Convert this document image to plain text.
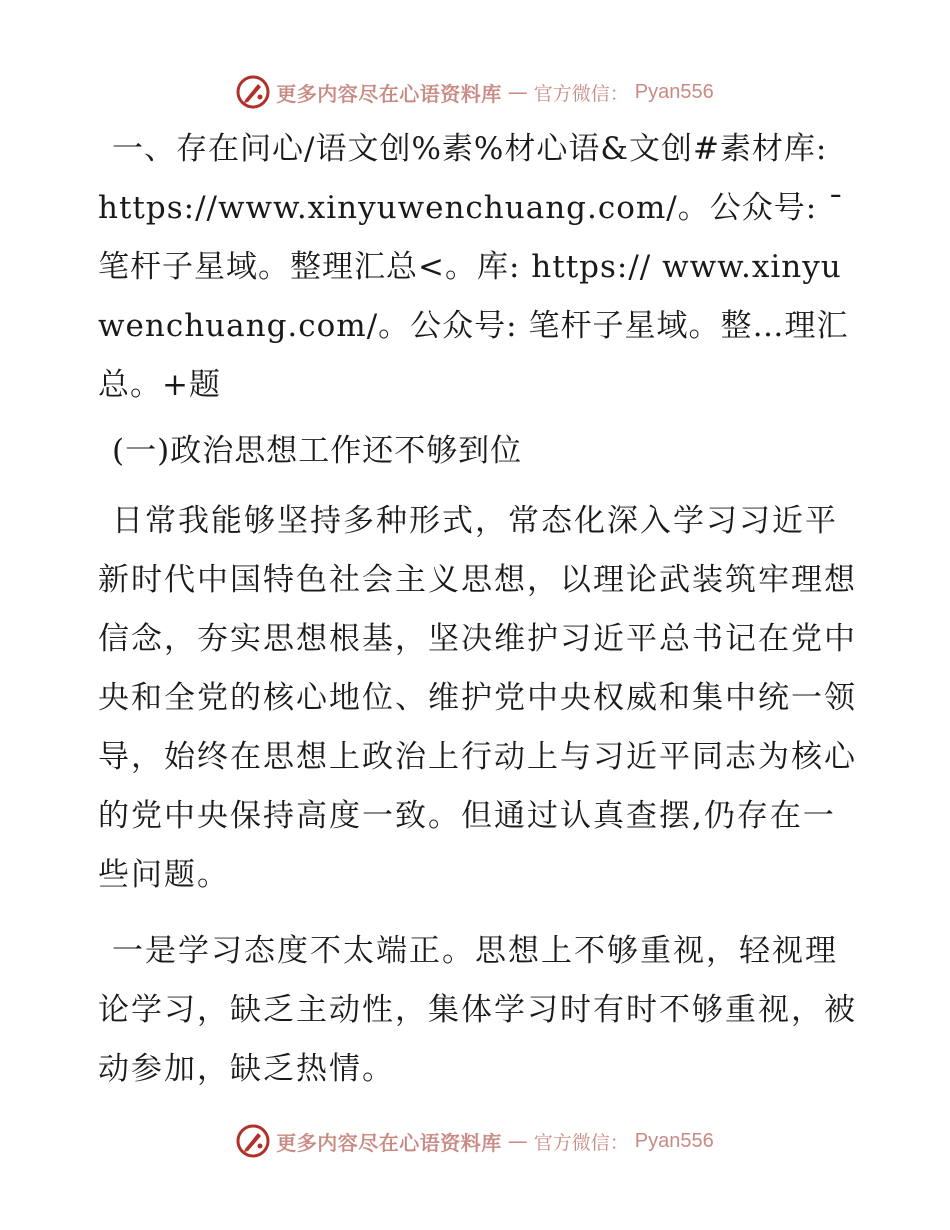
更多内容尽在心语资料库 — 官方微信： Pyan556

一、存在问心/语文创%素%材心语&文创#素材库: https://www.xinyuwenchuang.com/。公众号: ¯笔杆子星域。整理汇总<。库: https:// www.xinyuwenchuang.com/。公众号: 笔杆子星域。整…理汇总。+题

(一)政治思想工作还不够到位

日常我能够坚持多种形式，常态化深入学习习近平新时代中国特色社会主义思想，以理论武装筑牢理想信念，夯实思想根基，坚决维护习近平总书记在党中央和全党的核心地位、维护党中央权威和集中统一领导，始终在思想上政治上行动上与习近平同志为核心的党中央保持高度一致。但通过认真查摆,仍存在一些问题。

一是学习态度不太端正。思想上不够重视，轻视理论学习，缺乏主动性，集体学习时有时不够重视，被动参加，缺乏热情。

更多内容尽在心语资料库 — 官方微信： Pyan556
